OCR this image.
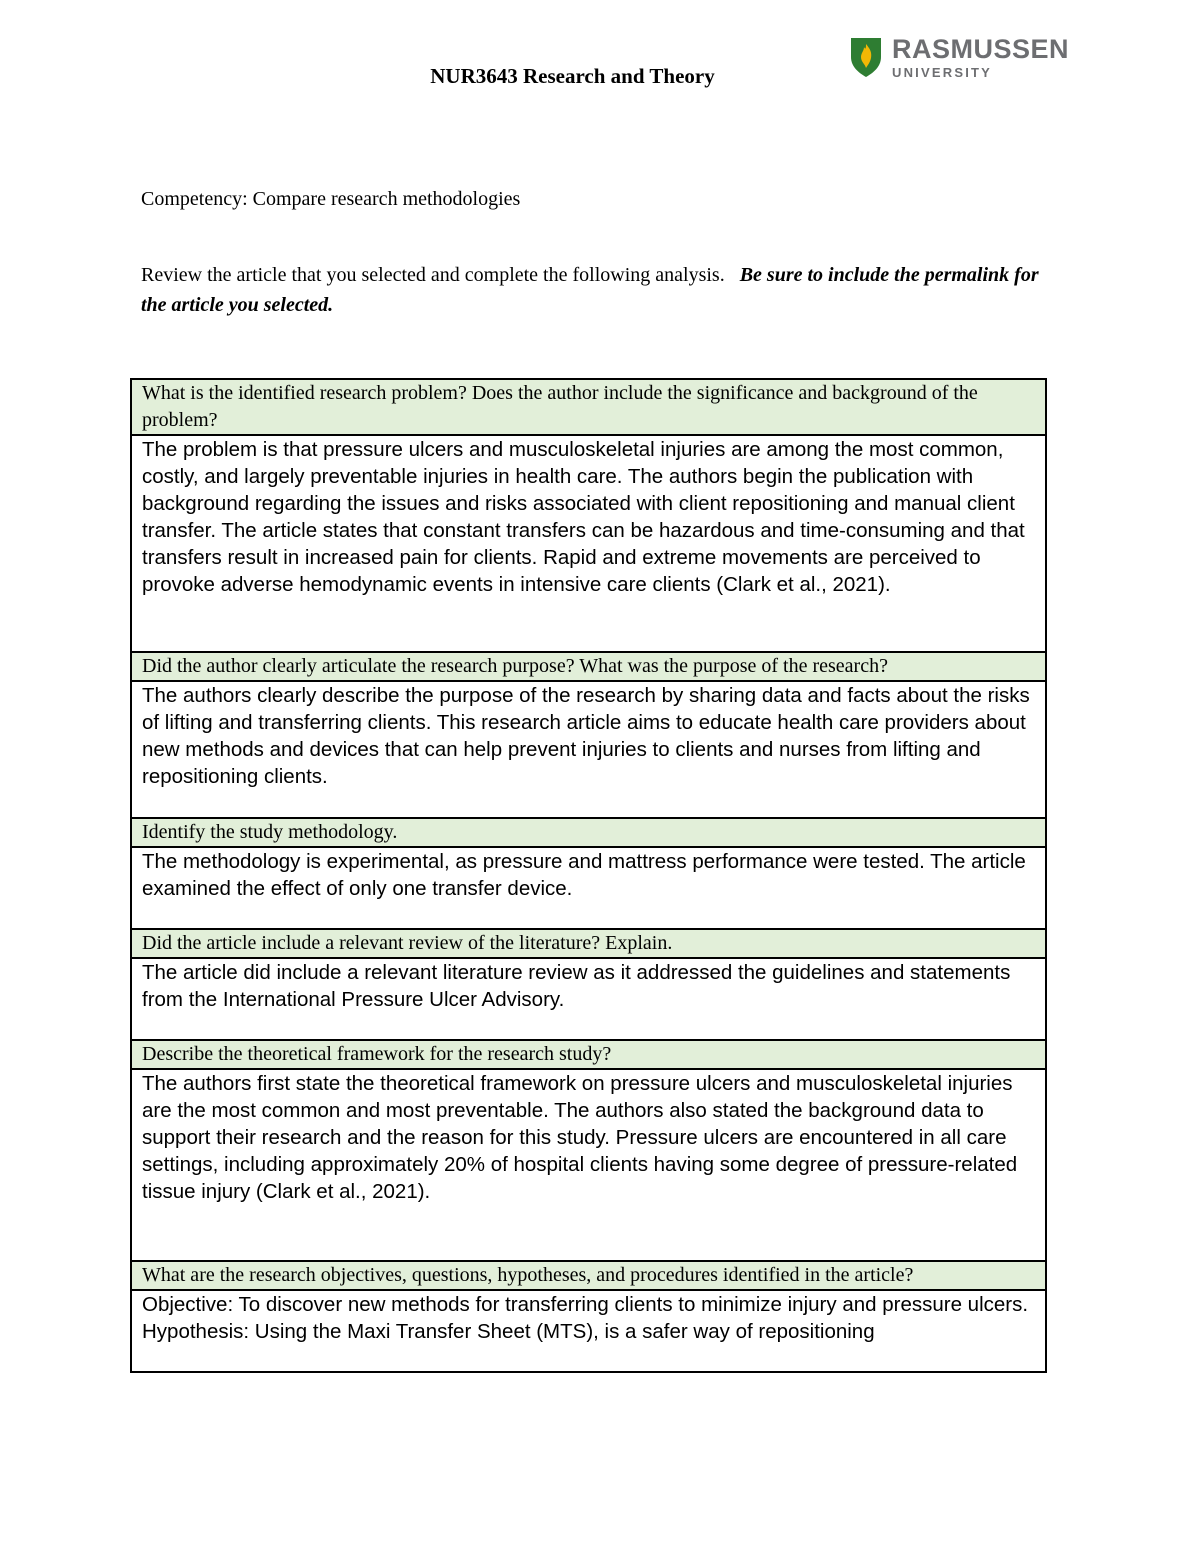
NUR3643 Research and Theory
RASMUSSEN
UNIVERSITY
Competency: Compare research methodologies
Review the article that you selected and complete the following analysis. Be sure to include the permalink for the article you selected.
What is the identified research problem? Does the author include the significance and background of the problem?
The problem is that pressure ulcers and musculoskeletal injuries are among the most common, costly, and largely preventable injuries in health care. The authors begin the publication with background regarding the issues and risks associated with client repositioning and manual client transfer. The article states that constant transfers can be hazardous and time-consuming and that transfers result in increased pain for clients. Rapid and extreme movements are perceived to provoke adverse hemodynamic events in intensive care clients (Clark et al., 2021).
Did the author clearly articulate the research purpose? What was the purpose of the research?
The authors clearly describe the purpose of the research by sharing data and facts about the risks of lifting and transferring clients. This research article aims to educate health care providers about new methods and devices that can help prevent injuries to clients and nurses from lifting and repositioning clients.
Identify the study methodology.
The methodology is experimental, as pressure and mattress performance were tested. The article examined the effect of only one transfer device.
Did the article include a relevant review of the literature? Explain.
The article did include a relevant literature review as it addressed the guidelines and statements from the International Pressure Ulcer Advisory.
Describe the theoretical framework for the research study?
The authors first state the theoretical framework on pressure ulcers and musculoskeletal injuries are the most common and most preventable. The authors also stated the background data to support their research and the reason for this study. Pressure ulcers are encountered in all care settings, including approximately 20% of hospital clients having some degree of pressure-related tissue injury (Clark et al., 2021).
What are the research objectives, questions, hypotheses, and procedures identified in the article?

Objective: To discover new methods for transferring clients to minimize injury and pressure ulcers.

Hypothesis: Using the Maxi Transfer Sheet (MTS), is a safer way of repositioning
